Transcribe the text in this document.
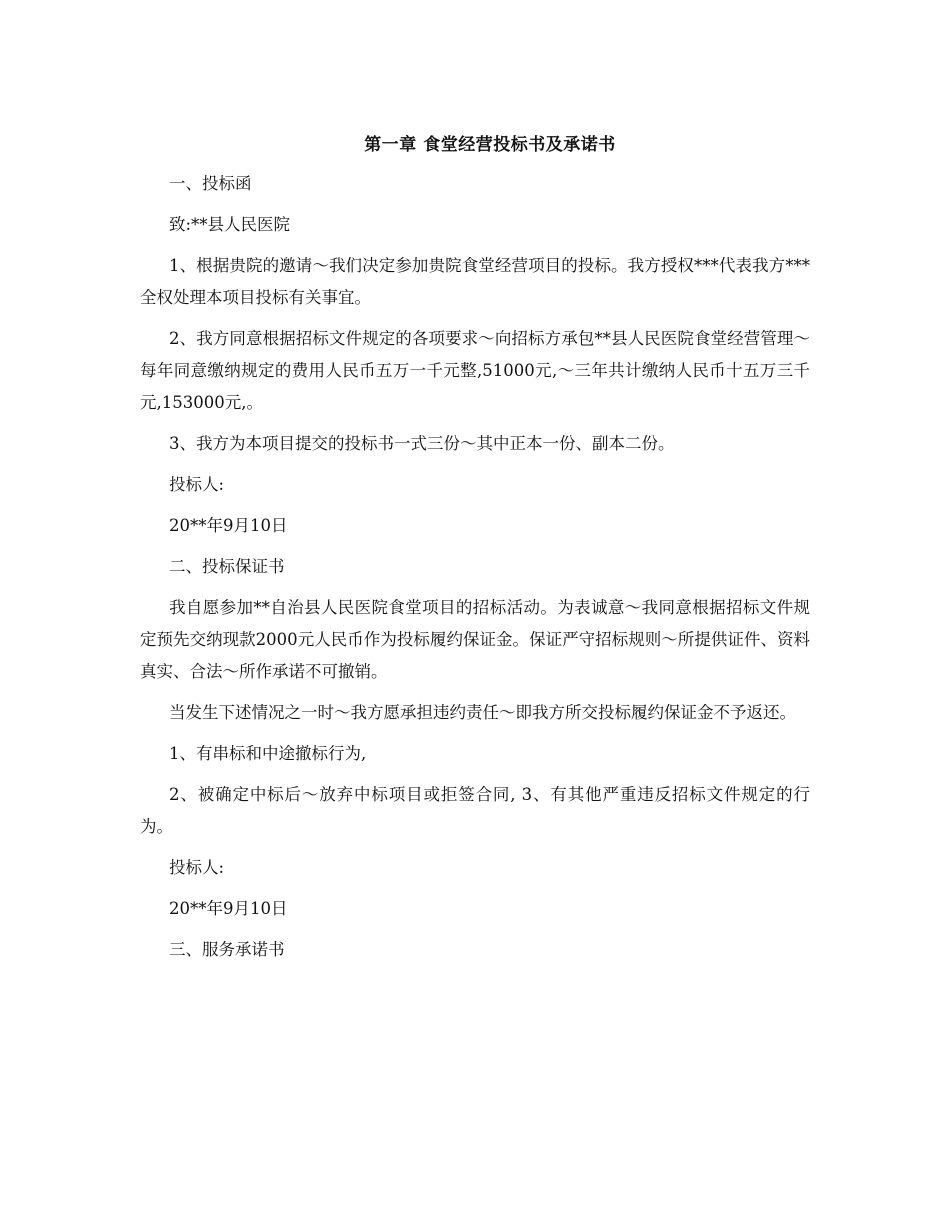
第一章 食堂经营投标书及承诺书

一、投标函

致:**县人民医院

1、根据贵院的邀请～我们决定参加贵院食堂经营项目的投标。我方授权***代表我方***全权处理本项目投标有关事宜。

2、我方同意根据招标文件规定的各项要求～向招标方承包**县人民医院食堂经营管理～每年同意缴纳规定的费用人民币五万一千元整,51000元,～三年共计缴纳人民币十五万三千元,153000元,。

3、我方为本项目提交的投标书一式三份～其中正本一份、副本二份。

投标人:

20**年9月10日

二、投标保证书

我自愿参加**自治县人民医院食堂项目的招标活动。为表诚意～我同意根据招标文件规定预先交纳现款2000元人民币作为投标履约保证金。保证严守招标规则～所提供证件、资料真实、合法～所作承诺不可撤销。

当发生下述情况之一时～我方愿承担违约责任～即我方所交投标履约保证金不予返还。

1、有串标和中途撤标行为,

2、被确定中标后～放弃中标项目或拒签合同, 3、有其他严重违反招标文件规定的行为。

投标人:

20**年9月10日

三、服务承诺书
